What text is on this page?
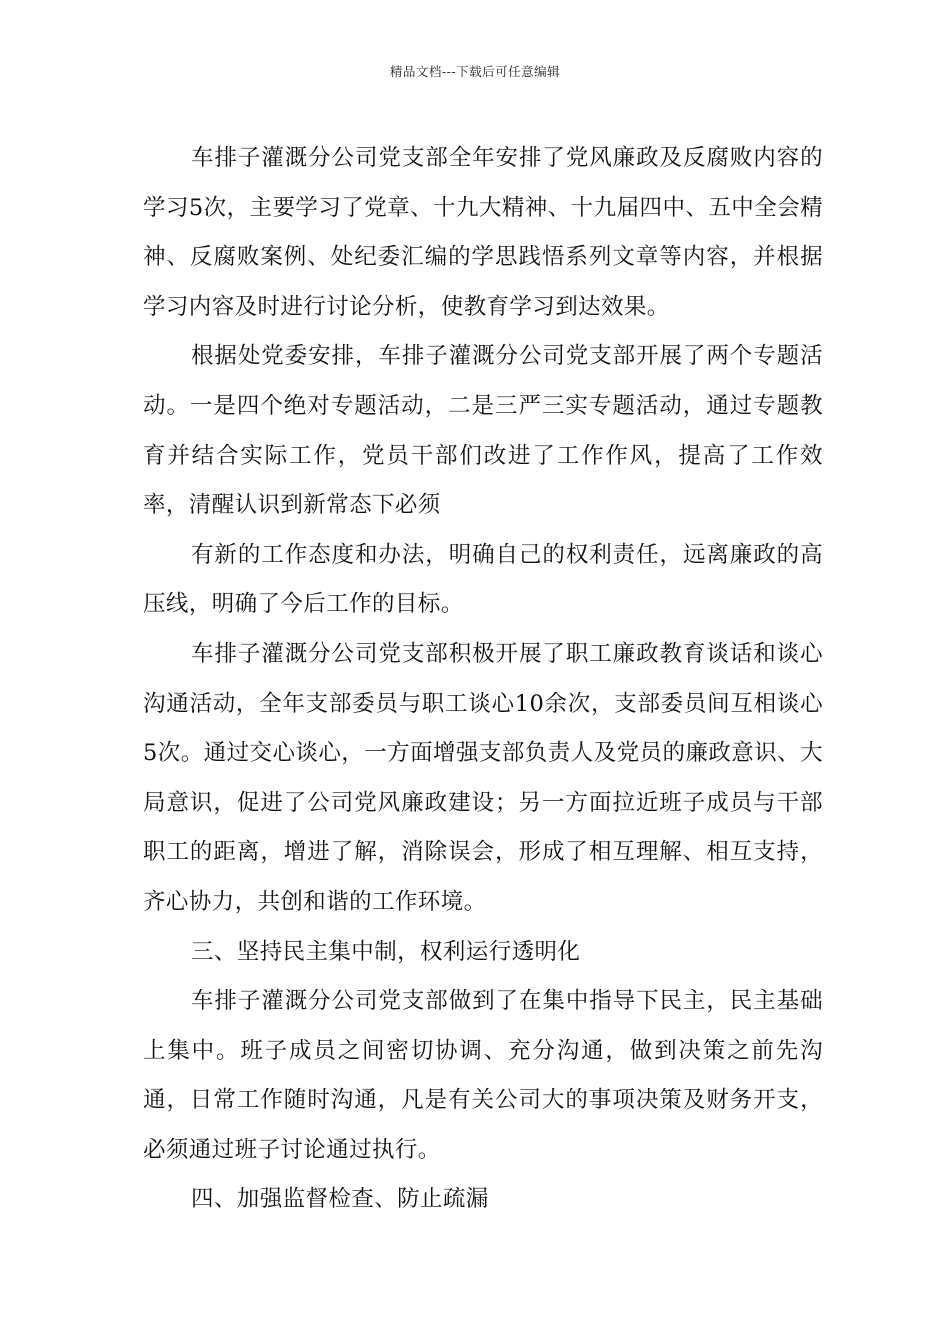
精品文档---下载后可任意编辑

车排子灌溉分公司党支部全年安排了党风廉政及反腐败内容的学习5次，主要学习了党章、十九大精神、十九届四中、五中全会精神、反腐败案例、处纪委汇编的学思践悟系列文章等内容，并根据学习内容及时进行讨论分析，使教育学习到达效果。

根据处党委安排，车排子灌溉分公司党支部开展了两个专题活动。一是四个绝对专题活动，二是三严三实专题活动，通过专题教育并结合实际工作，党员干部们改进了工作作风，提高了工作效率，清醒认识到新常态下必须

有新的工作态度和办法，明确自己的权利责任，远离廉政的高压线，明确了今后工作的目标。

车排子灌溉分公司党支部积极开展了职工廉政教育谈话和谈心沟通活动，全年支部委员与职工谈心10余次，支部委员间互相谈心5次。通过交心谈心，一方面增强支部负责人及党员的廉政意识、大局意识，促进了公司党风廉政建设；另一方面拉近班子成员与干部职工的距离，增进了解，消除误会，形成了相互理解、相互支持，齐心协力，共创和谐的工作环境。

三、坚持民主集中制，权利运行透明化

车排子灌溉分公司党支部做到了在集中指导下民主，民主基础上集中。班子成员之间密切协调、充分沟通，做到决策之前先沟通，日常工作随时沟通，凡是有关公司大的事项决策及财务开支，必须通过班子讨论通过执行。

四、加强监督检查、防止疏漏
